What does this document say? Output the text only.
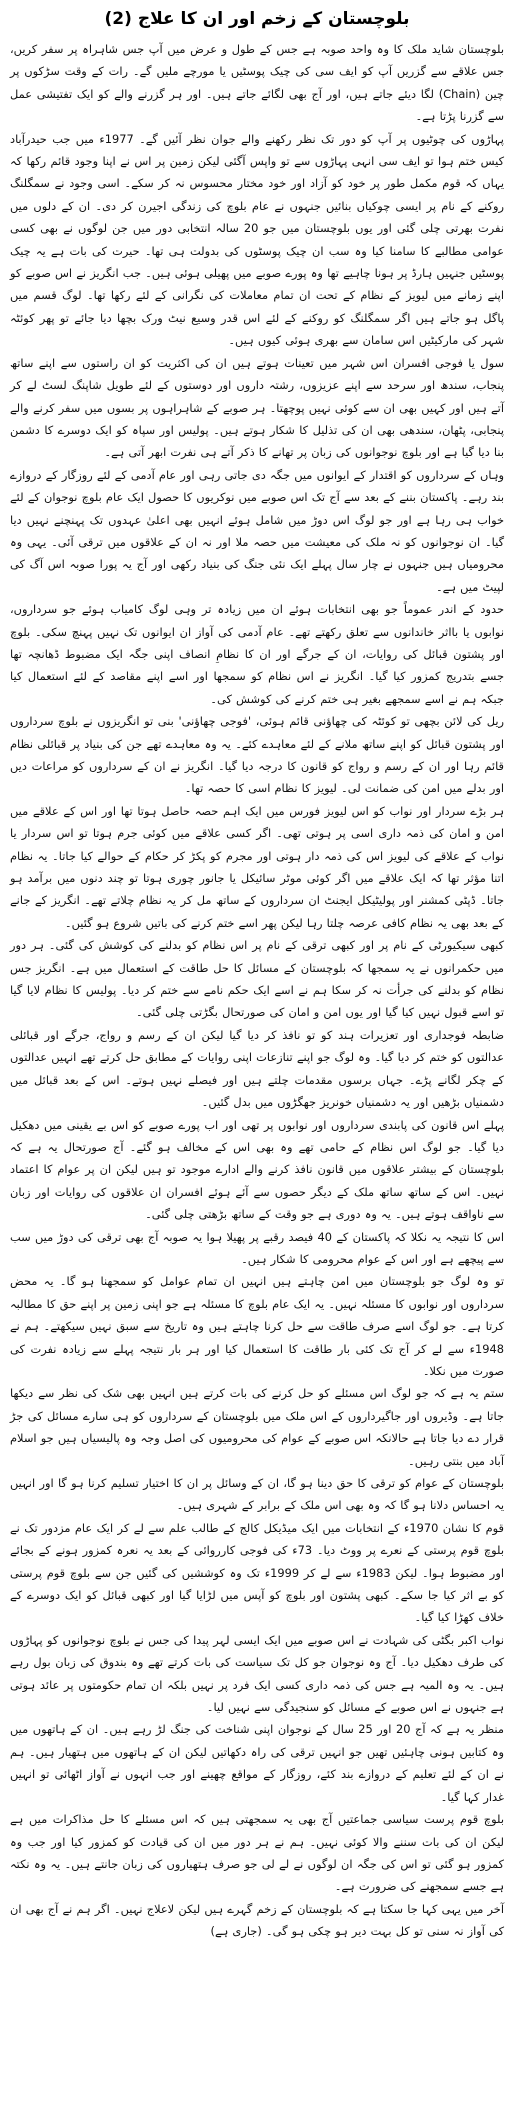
بلوچستان کے زخم اور ان کا علاج (2)

بلوچستان شاید ملک کا وہ واحد صوبہ ہے جس کے طول و عرض میں آپ جس شاہراہ پر سفر کریں، جس علاقے سے گزریں آپ کو ایف سی کی چیک پوسٹیں یا مورچے ملیں گے۔ رات کے وقت سڑکوں پر چین (Chain) لگا دیئے جاتے ہیں، اور آج بھی لگائے جاتے ہیں۔ اور ہر گزرنے والے کو ایک تفتیشی عمل سے گزرنا پڑتا ہے۔

پہاڑوں کی چوٹیوں پر آپ کو دور تک نظر رکھنے والے جوان نظر آئیں گے۔ 1977ء میں جب حیدرآباد کیس ختم ہوا تو ایف سی انہی پہاڑوں سے تو واپس آگئی لیکن زمین پر اس نے اپنا وجود قائم رکھا کہ یہاں کہ قوم مکمل طور پر خود کو آزاد اور خود مختار محسوس نہ کر سکے۔ اسی وجود نے سمگلنگ روکنے کے نام پر ایسی چوکیاں بنائیں جنہوں نے عام بلوچ کی زندگی اجیرن کر دی۔ ان کے دلوں میں نفرت بھرتی چلی گئی اور یوں بلوچستان میں جو 20 سالہ انتخابی دور میں جن لوگوں نے بھی کسی عوامی مطالبے کا سامنا کیا وہ سب ان چیک پوسٹوں کی بدولت ہی تھا۔ حیرت کی بات ہے یہ چیک پوسٹیں جنہیں ہارڈ پر ہونا چاہیے تھا وہ پورے صوبے میں پھیلی ہوئی ہیں۔ جب انگریز نے اس صوبے کو اپنے زمانے میں لیویز کے نظام کے تحت ان تمام معاملات کی نگرانی کے لئے رکھا تھا۔ لوگ قسم میں پاگل ہو جاتے ہیں اگر سمگلنگ کو روکنے کے لئے اس قدر وسیع نیٹ ورک بچھا دیا جائے تو پھر کوئٹہ شہر کی مارکیٹیں اس سامان سے بھری ہوئی کیوں ہیں۔

سول یا فوجی افسران اس شہر میں تعینات ہوتے ہیں ان کی اکثریت کو ان راستوں سے اپنے ساتھ پنجاب، سندھ اور سرحد سے اپنے عزیزوں، رشتہ داروں اور دوستوں کے لئے طویل شاپنگ لسٹ لے کر آتے ہیں اور کہیں بھی ان سے کوئی نہیں پوچھتا۔ ہر صوبے کے شاہراہوں پر بسوں میں سفر کرنے والے پنجابی، پٹھان، سندھی بھی ان کی تذلیل کا شکار ہوتے ہیں۔ پولیس اور سپاہ کو ایک دوسرے کا دشمن بنا دیا گیا ہے اور بلوچ نوجوانوں کی زبان پر تھانے کا ذکر آتے ہی نفرت ابھر آتی ہے۔

وہاں کے سرداروں کو اقتدار کے ایوانوں میں جگہ دی جاتی رہی اور عام آدمی کے لئے روزگار کے دروازے بند رہے۔ پاکستان بننے کے بعد سے آج تک اس صوبے میں نوکریوں کا حصول ایک عام بلوچ نوجوان کے لئے خواب ہی رہا ہے اور جو لوگ اس دوڑ میں شامل ہوئے انہیں بھی اعلیٰ عہدوں تک پہنچنے نہیں دیا گیا۔ ان نوجوانوں کو نہ ملک کی معیشت میں حصہ ملا اور نہ ان کے علاقوں میں ترقی آئی۔ یہی وہ محرومیاں ہیں جنہوں نے چار سال پہلے ایک نئی جنگ کی بنیاد رکھی اور آج یہ پورا صوبہ اس آگ کی لپیٹ میں ہے۔

حدود کے اندر عموماً جو بھی انتخابات ہوئے ان میں زیادہ تر وہی لوگ کامیاب ہوئے جو سرداروں، نوابوں یا بااثر خاندانوں سے تعلق رکھتے تھے۔ عام آدمی کی آواز ان ایوانوں تک نہیں پہنچ سکی۔ بلوچ اور پشتون قبائل کی روایات، ان کے جرگے اور ان کا نظامِ انصاف اپنی جگہ ایک مضبوط ڈھانچہ تھا جسے بتدریج کمزور کیا گیا۔ انگریز نے اس نظام کو سمجھا اور اسے اپنے مقاصد کے لئے استعمال کیا جبکہ ہم نے اسے سمجھے بغیر ہی ختم کرنے کی کوشش کی۔

ریل کی لائن بچھی تو کوئٹہ کی چھاؤنی قائم ہوئی، 'فوجی چھاؤنی' بنی تو انگریزوں نے بلوچ سرداروں اور پشتون قبائل کو اپنے ساتھ ملانے کے لئے معاہدے کئے۔ یہ وہ معاہدے تھے جن کی بنیاد پر قبائلی نظام قائم رہا اور ان کے رسم و رواج کو قانون کا درجہ دیا گیا۔ انگریز نے ان کے سرداروں کو مراعات دیں اور بدلے میں امن کی ضمانت لی۔ لیویز کا نظام اسی کا حصہ تھا۔

ہر بڑے سردار اور نواب کو اس لیویز فورس میں ایک اہم حصہ حاصل ہوتا تھا اور اس کے علاقے میں امن و امان کی ذمہ داری اسی پر ہوتی تھی۔ اگر کسی علاقے میں کوئی جرم ہوتا تو اس سردار یا نواب کے علاقے کی لیویز اس کی ذمہ دار ہوتی اور مجرم کو پکڑ کر حکام کے حوالے کیا جاتا۔ یہ نظام اتنا مؤثر تھا کہ ایک علاقے میں اگر کوئی موٹر سائیکل یا جانور چوری ہوتا تو چند دنوں میں برآمد ہو جاتا۔ ڈپٹی کمشنر اور پولیٹیکل ایجنٹ ان سرداروں کے ساتھ مل کر یہ نظام چلاتے تھے۔ انگریز کے جانے کے بعد بھی یہ نظام کافی عرصہ چلتا رہا لیکن پھر اسے ختم کرنے کی باتیں شروع ہو گئیں۔

کبھی سیکیورٹی کے نام پر اور کبھی ترقی کے نام پر اس نظام کو بدلنے کی کوشش کی گئی۔ ہر دور میں حکمرانوں نے یہ سمجھا کہ بلوچستان کے مسائل کا حل طاقت کے استعمال میں ہے۔ انگریز جس نظام کو بدلنے کی جرأت نہ کر سکا ہم نے اسے ایک حکم نامے سے ختم کر دیا۔ پولیس کا نظام لایا گیا تو اسے قبول نہیں کیا گیا اور یوں امن و امان کی صورتحال بگڑتی چلی گئی۔

ضابطہ فوجداری اور تعزیرات ہند کو تو نافذ کر دیا گیا لیکن ان کے رسم و رواج، جرگے اور قبائلی عدالتوں کو ختم کر دیا گیا۔ وہ لوگ جو اپنے تنازعات اپنی روایات کے مطابق حل کرتے تھے انہیں عدالتوں کے چکر لگانے پڑے۔ جہاں برسوں مقدمات چلتے ہیں اور فیصلے نہیں ہوتے۔ اس کے بعد قبائل میں دشمنیاں بڑھیں اور یہ دشمنیاں خونریز جھگڑوں میں بدل گئیں۔

پہلے اس قانون کی پابندی سرداروں اور نوابوں پر تھی اور اب پورے صوبے کو اس بے یقینی میں دھکیل دیا گیا۔ جو لوگ اس نظام کے حامی تھے وہ بھی اس کے مخالف ہو گئے۔ آج صورتحال یہ ہے کہ بلوچستان کے بیشتر علاقوں میں قانون نافذ کرنے والے ادارے موجود تو ہیں لیکن ان پر عوام کا اعتماد نہیں۔ اس کے ساتھ ساتھ ملک کے دیگر حصوں سے آئے ہوئے افسران ان علاقوں کی روایات اور زبان سے ناواقف ہوتے ہیں۔ یہ وہ دوری ہے جو وقت کے ساتھ بڑھتی چلی گئی۔

اس کا نتیجہ یہ نکلا کہ پاکستان کے 40 فیصد رقبے پر پھیلا ہوا یہ صوبہ آج بھی ترقی کی دوڑ میں سب سے پیچھے ہے اور اس کے عوام محرومی کا شکار ہیں۔

تو وہ لوگ جو بلوچستان میں امن چاہتے ہیں انہیں ان تمام عوامل کو سمجھنا ہو گا۔ یہ محض سرداروں اور نوابوں کا مسئلہ نہیں۔ یہ ایک عام بلوچ کا مسئلہ ہے جو اپنی زمین پر اپنے حق کا مطالبہ کرتا ہے۔ جو لوگ اسے صرف طاقت سے حل کرنا چاہتے ہیں وہ تاریخ سے سبق نہیں سیکھتے۔ ہم نے 1948ء سے لے کر آج تک کئی بار طاقت کا استعمال کیا اور ہر بار نتیجہ پہلے سے زیادہ نفرت کی صورت میں نکلا۔

ستم یہ ہے کہ جو لوگ اس مسئلے کو حل کرنے کی بات کرتے ہیں انہیں بھی شک کی نظر سے دیکھا جاتا ہے۔ وڈیروں اور جاگیرداروں کے اس ملک میں بلوچستان کے سرداروں کو ہی سارے مسائل کی جڑ قرار دے دیا جاتا ہے حالانکہ اس صوبے کے عوام کی محرومیوں کی اصل وجہ وہ پالیسیاں ہیں جو اسلام آباد میں بنتی رہیں۔

بلوچستان کے عوام کو ترقی کا حق دینا ہو گا، ان کے وسائل پر ان کا اختیار تسلیم کرنا ہو گا اور انہیں یہ احساس دلانا ہو گا کہ وہ بھی اس ملک کے برابر کے شہری ہیں۔

قوم کا نشان 1970ء کے انتخابات میں ایک میڈیکل کالج کے طالب علم سے لے کر ایک عام مزدور تک نے بلوچ قوم پرستی کے نعرے پر ووٹ دیا۔ 73ء کی فوجی کارروائی کے بعد یہ نعرہ کمزور ہونے کے بجائے اور مضبوط ہوا۔ لیکن 1983ء سے لے کر 1999ء تک وہ کوششیں کی گئیں جن سے بلوچ قوم پرستی کو بے اثر کیا جا سکے۔ کبھی پشتون اور بلوچ کو آپس میں لڑایا گیا اور کبھی قبائل کو ایک دوسرے کے خلاف کھڑا کیا گیا۔

نواب اکبر بگٹی کی شہادت نے اس صوبے میں ایک ایسی لہر پیدا کی جس نے بلوچ نوجوانوں کو پہاڑوں کی طرف دھکیل دیا۔ آج وہ نوجوان جو کل تک سیاست کی بات کرتے تھے وہ بندوق کی زبان بول رہے ہیں۔ یہ وہ المیہ ہے جس کی ذمہ داری کسی ایک فرد پر نہیں بلکہ ان تمام حکومتوں پر عائد ہوتی ہے جنہوں نے اس صوبے کے مسائل کو سنجیدگی سے نہیں لیا۔

منظر یہ ہے کہ آج 20 اور 25 سال کے نوجوان اپنی شناخت کی جنگ لڑ رہے ہیں۔ ان کے ہاتھوں میں وہ کتابیں ہونی چاہئیں تھیں جو انہیں ترقی کی راہ دکھاتیں لیکن ان کے ہاتھوں میں ہتھیار ہیں۔ ہم نے ان کے لئے تعلیم کے دروازے بند کئے، روزگار کے مواقع چھینے اور جب انہوں نے آواز اٹھائی تو انہیں غدار کہا گیا۔

بلوچ قوم پرست سیاسی جماعتیں آج بھی یہ سمجھتی ہیں کہ اس مسئلے کا حل مذاکرات میں ہے لیکن ان کی بات سننے والا کوئی نہیں۔ ہم نے ہر دور میں ان کی قیادت کو کمزور کیا اور جب وہ کمزور ہو گئی تو اس کی جگہ ان لوگوں نے لے لی جو صرف ہتھیاروں کی زبان جانتے ہیں۔ یہ وہ نکتہ ہے جسے سمجھنے کی ضرورت ہے۔

آخر میں یہی کہا جا سکتا ہے کہ بلوچستان کے زخم گہرے ہیں لیکن لاعلاج نہیں۔ اگر ہم نے آج بھی ان کی آواز نہ سنی تو کل بہت دیر ہو چکی ہو گی۔ (جاری ہے)
